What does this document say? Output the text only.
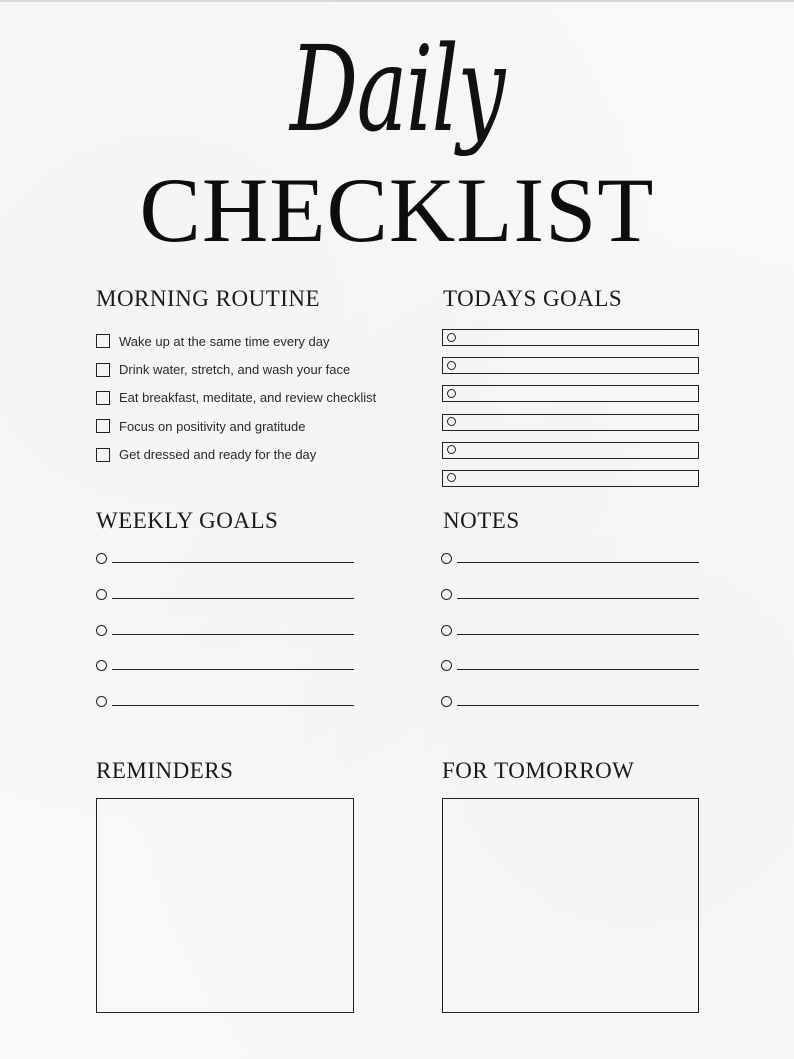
Daily
CHECKLIST
MORNING ROUTINE
Wake up at the same time every day
Drink water, stretch, and wash your face
Eat breakfast, meditate, and review checklist
Focus on positivity and gratitude
Get dressed and ready for the day
TODAYS GOALS
WEEKLY GOALS	NOTES
REMINDERS	FOR TOMORROW
